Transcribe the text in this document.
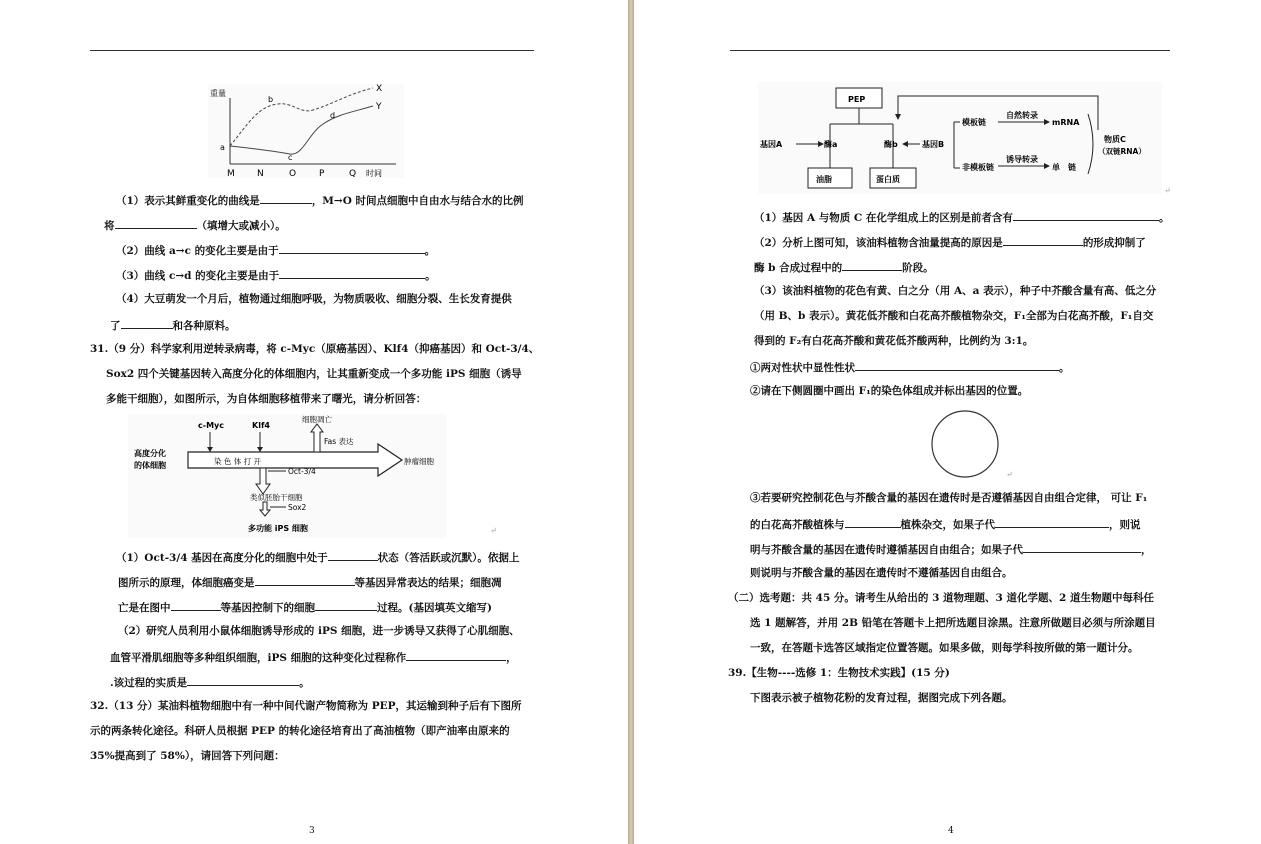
重量
a
b
c
d
X
Y
M N	O	P	Q 时间
（1）表示其鲜重变化的曲线是	，M→O 时间点细胞中自由水与结合水的比例
将	（填增大或减小）。
（2）曲线 a→c 的变化主要是由于	。
（3）曲线 c→d 的变化主要是由于	。
（4）大豆萌发一个月后，植物通过细胞呼吸，为物质吸收、细胞分裂、生长发育提供
了	和各种原料。
31.（9 分）科学家利用逆转录病毒，将 c-Myc（原癌基因）、Klf4（抑癌基因）和 Oct-3/4、
Sox2 四个关键基因转入高度分化的体细胞内，让其重新变成一个多功能 iPS 细胞（诱导
多能干细胞），如图所示，为自体细胞移植带来了曙光，请分析回答：
c-Myc	Klf4
细胞凋亡
Fas 表达
高度分化
的体细胞	染 色 体 打 开
Oct-3/4
肿瘤细胞
类似胚胎干细胞
Sox2
多功能 iPS 细胞	↵
（1）Oct-3/4 基因在高度分化的细胞中处于	状态（答活跃或沉默）。依据上
图所示的原理，体细胞癌变是	等基因异常表达的结果；细胞凋
亡是在图中	等基因控制下的细胞	过程。(基因填英文缩写)
（2）研究人员利用小鼠体细胞诱导形成的 iPS 细胞，进一步诱导又获得了心肌细胞、
血管平滑肌细胞等多种组织细胞，iPS 细胞的这种变化过程称作	，
.该过程的实质是	。
32.（13 分）某油料植物细胞中有一种中间代谢产物简称为 PEP，其运输到种子后有下图所
示的两条转化途径。科研人员根据 PEP 的转化途径培育出了高油植物（即产油率由原来的
35%提高到了 58%），请回答下列问题：
3
PEP
基因A	酶a	酶b	基因B
模板链
非模板链
自然转录
诱导转录
mRNA
单　链
物质C
（双链RNA）
油脂	蛋白质
↵
（1）基因 A 与物质 C 在化学组成上的区别是前者含有	。
（2）分析上图可知，该油料植物含油量提高的原因是	的形成抑制了
酶 b 合成过程中的	阶段。
（3）该油料植物的花色有黄、白之分（用 A、a 表示），种子中芥酸含量有高、低之分
（用 B、b 表示）。黄花低芥酸和白花高芥酸植物杂交，F₁全部为白花高芥酸，F₁自交
得到的 F₂有白花高芥酸和黄花低芥酸两种，比例约为 3:1。
①两对性状中显性性状	。
②请在下侧圆圈中画出 F₁的染色体组成并标出基因的位置。
↵
③若要研究控制花色与芥酸含量的基因在遗传时是否遵循基因自由组合定律， 可让 F₁
的白花高芥酸植株与	植株杂交，如果子代	，则说
明与芥酸含量的基因在遗传时遵循基因自由组合；如果子代	，
则说明与芥酸含量的基因在遗传时不遵循基因自由组合。
（二）选考题：共 45 分。请考生从给出的 3 道物理题、3 道化学题、2 道生物题中每科任
选 1 题解答，并用 2B 铅笔在答题卡上把所选题目涂黑。注意所做题目必须与所涂题目
一致，在答题卡选答区域指定位置答题。如果多做，则每学科按所做的第一题计分。
39.【生物----选修 1：生物技术实践】(15 分)
下图表示被子植物花粉的发育过程，据图完成下列各题。
4
